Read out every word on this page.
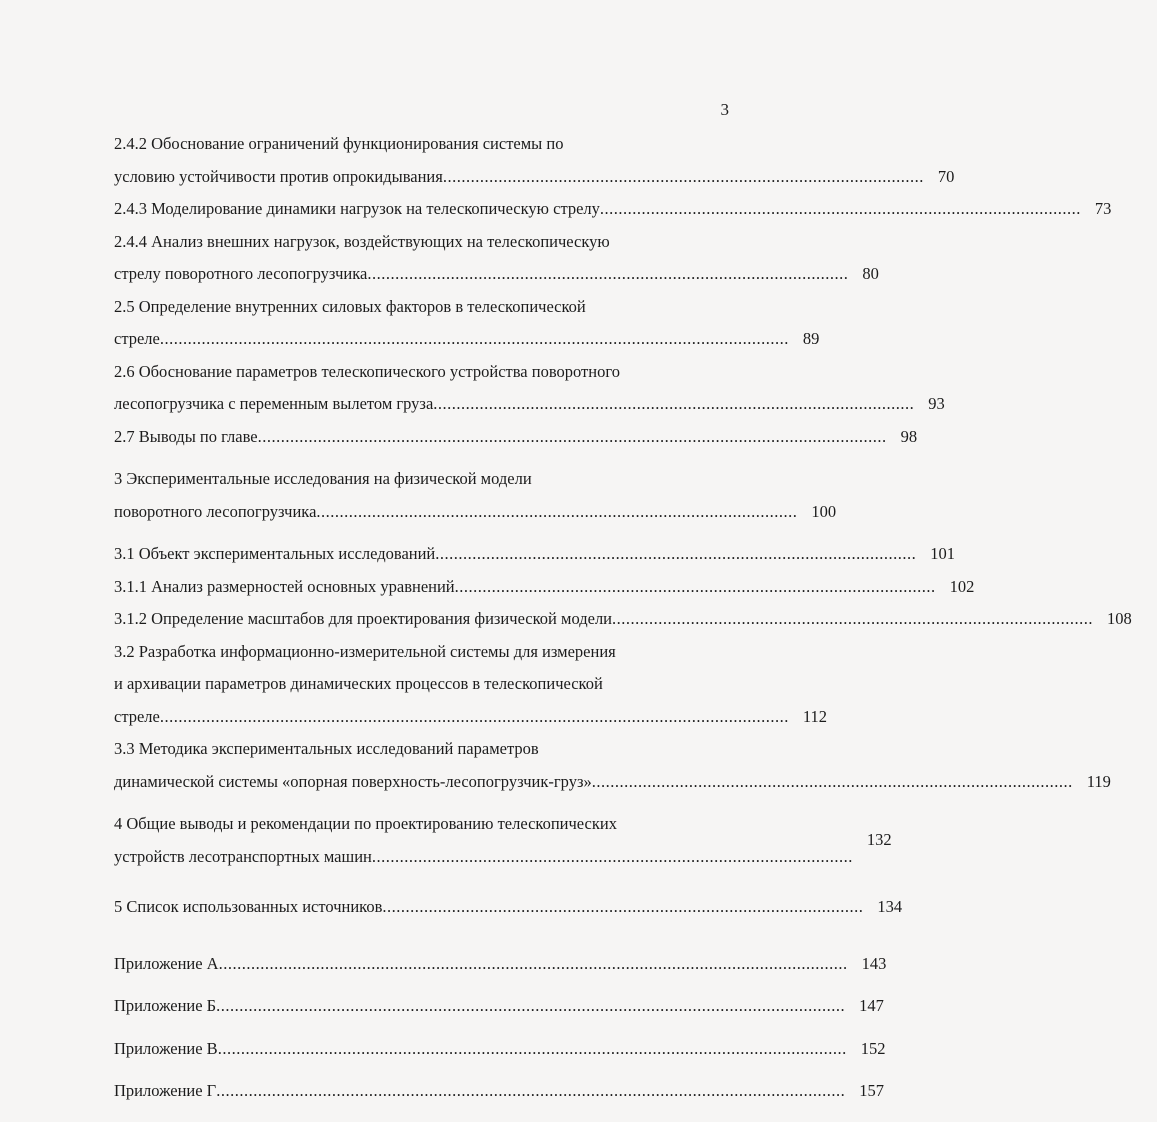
3
2.4.2 Обоснование ограничений функционирования системы по
условию устойчивости против опрокидывания ........................................................................................................ 70
2.4.3 Моделирование динамики нагрузок на телескопическую стрелу ........................................................................................................ 73
2.4.4 Анализ внешних нагрузок, воздействующих на телескопическую
стрелу поворотного лесопогрузчика ........................................................................................................ 80
2.5 Определение внутренних силовых факторов в телескопической
стреле ........................................................................................................................................ 89
2.6 Обоснование параметров телескопического устройства поворотного
лесопогрузчика с переменным вылетом груза ........................................................................................................ 93
2.7 Выводы по главе ........................................................................................................................................ 98
3 Экспериментальные исследования на физической модели
поворотного лесопогрузчика ........................................................................................................ 100
3.1 Объект экспериментальных исследований ........................................................................................................ 101
3.1.1 Анализ размерностей основных уравнений ........................................................................................................ 102
3.1.2 Определение масштабов для проектирования физической модели ........................................................................................................ 108
3.2 Разработка информационно-измерительной системы для измерения
и архивации параметров динамических процессов в телескопической
стреле ........................................................................................................................................ 112
3.3 Методика экспериментальных исследований параметров
динамической системы «опорная поверхность-лесопогрузчик-груз» ........................................................................................................ 119
4 Общие выводы и рекомендации по проектированию телескопических
устройств лесотранспортных машин ........................................................................................................
132
5 Список использованных источников ........................................................................................................ 134
Приложение А ........................................................................................................................................ 143
Приложение Б ........................................................................................................................................ 147
Приложение В ........................................................................................................................................ 152
Приложение Г ........................................................................................................................................ 157
